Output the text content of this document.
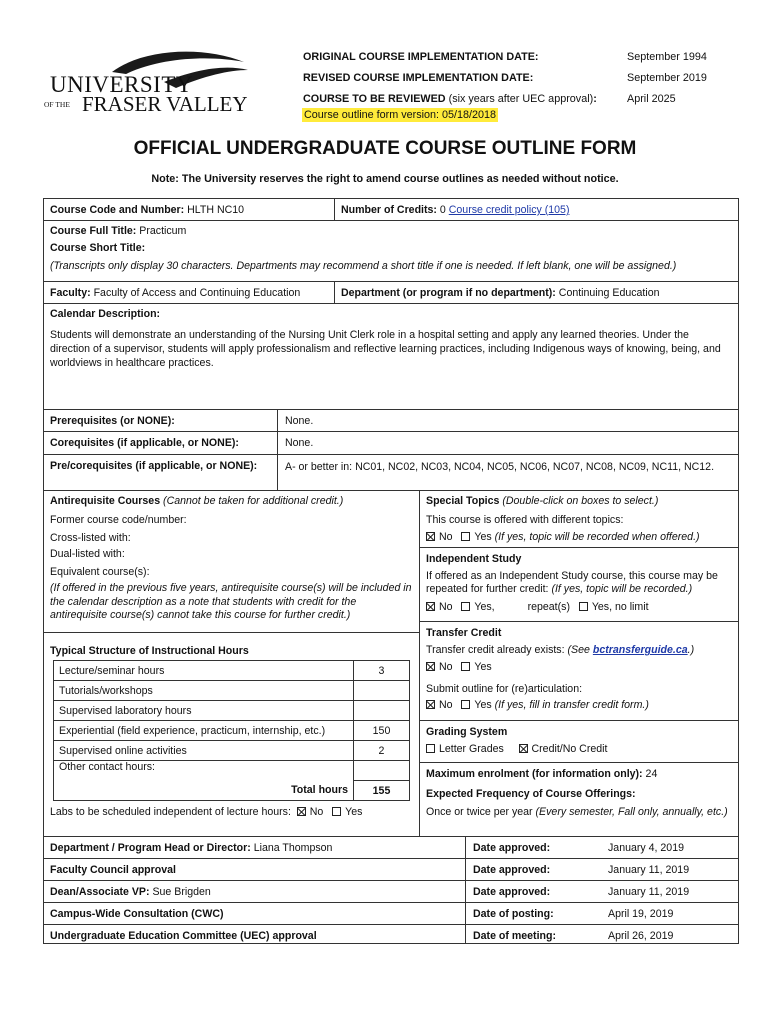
UNIVERSITY
OF THE FRASER VALLEY
ORIGINAL COURSE IMPLEMENTATION DATE:	September 1994
REVISED COURSE IMPLEMENTATION DATE:	September 2019
COURSE TO BE REVIEWED (six years after UEC approval):	April 2025
Course outline form version: 05/18/2018
OFFICIAL UNDERGRADUATE COURSE OUTLINE FORM
Note: The University reserves the right to amend course outlines as needed without notice.
Course Code and Number: HLTH NC10	Number of Credits: 0 Course credit policy (105)
Course Full Title: Practicum
Course Short Title:
(Transcripts only display 30 characters. Departments may recommend a short title if one is needed. If left blank, one will be assigned.)
Faculty: Faculty of Access and Continuing Education	Department (or program if no department): Continuing Education
Calendar Description:
Students will demonstrate an understanding of the Nursing Unit Clerk role in a hospital setting and apply any learned theories. Under the direction of a supervisor, students will apply professionalism and reflective learning practices, including Indigenous ways of knowing, being, and worldviews in healthcare practices.
Prerequisites (or NONE):	None.
Corequisites (if applicable, or NONE):	None.
Pre/corequisites (if applicable, or NONE):	A- or better in: NC01, NC02, NC03, NC04, NC05, NC06, NC07, NC08, NC09, NC11, NC12.
Antirequisite Courses (Cannot be taken for additional credit.)
Former course code/number:
Cross-listed with:
Dual-listed with:
Equivalent course(s):
(If offered in the previous five years, antirequisite course(s) will be included in the calendar description as a note that students with credit for the antirequisite course(s) cannot take this course for further credit.)
Special Topics (Double-click on boxes to select.)
This course is offered with different topics:
No Yes (If yes, topic will be recorded when offered.)
Independent Study
If offered as an Independent Study course, this course may be repeated for further credit: (If yes, topic will be recorded.)
No Yes,	repeat(s) Yes, no limit
Transfer Credit
Transfer credit already exists: (See bctransferguide.ca.)
No Yes
Submit outline for (re)articulation:
No Yes (If yes, fill in transfer credit form.)
Grading System
Letter Grades	Credit/No Credit
Maximum enrolment (for information only): 24
Expected Frequency of Course Offerings:
Once or twice per year (Every semester, Fall only, annually, etc.)
Typical Structure of Instructional Hours
Lecture/seminar hours	3
Tutorials/workshops	
Supervised laboratory hours	
Experiential (field experience, practicum, internship, etc.)	150
Supervised online activities	2
Other contact hours:	
Total hours	155
Labs to be scheduled independent of lecture hours: No Yes
Department / Program Head or Director: Liana Thompson	Date approved:	January 4, 2019
Faculty Council approval	Date approved:	January 11, 2019
Dean/Associate VP: Sue Brigden	Date approved:	January 11, 2019
Campus-Wide Consultation (CWC)	Date of posting:	April 19, 2019
Undergraduate Education Committee (UEC) approval	Date of meeting:	April 26, 2019
